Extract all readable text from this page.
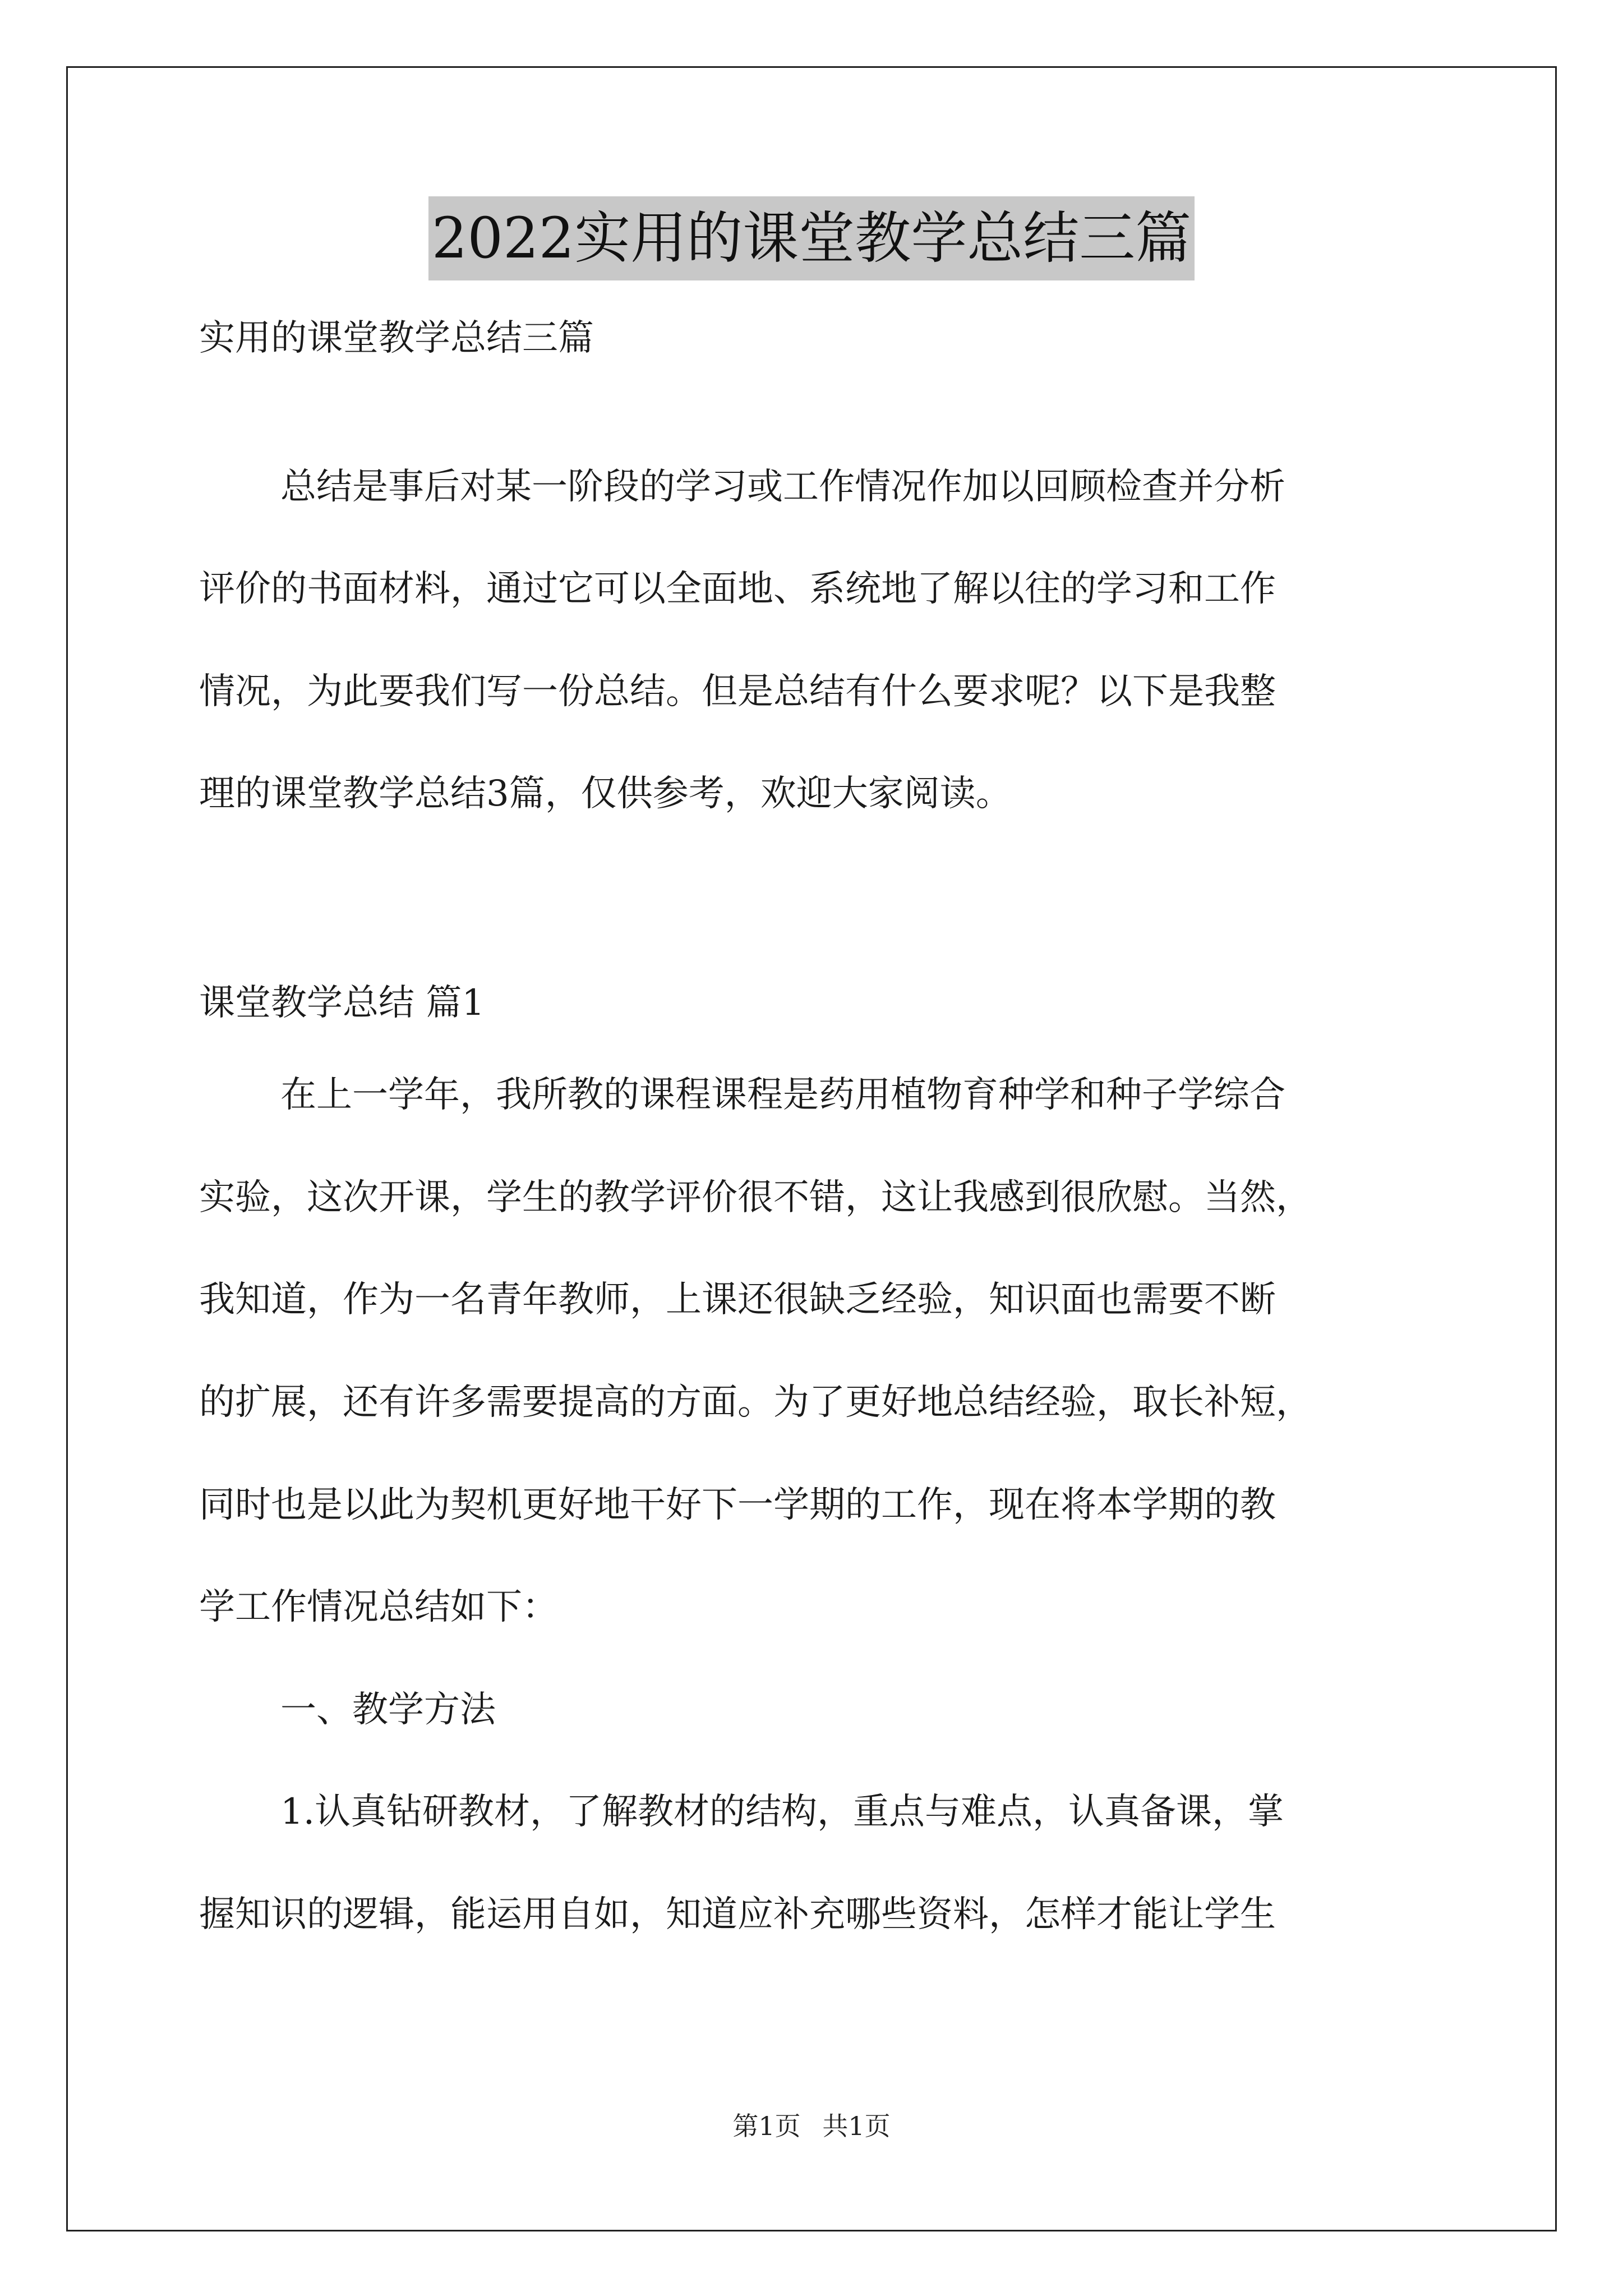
2022实用的课堂教学总结三篇
实用的课堂教学总结三篇
总结是事后对某一阶段的学习或工作情况作加以回顾检查并分析
评价的书面材料，通过它可以全面地、系统地了解以往的学习和工作
情况，为此要我们写一份总结。但是总结有什么要求呢？以下是我整
理的课堂教学总结3篇，仅供参考，欢迎大家阅读。
课堂教学总结 篇1
在上一学年，我所教的课程课程是药用植物育种学和种子学综合
实验，这次开课，学生的教学评价很不错，这让我感到很欣慰。当然，
我知道，作为一名青年教师，上课还很缺乏经验，知识面也需要不断
的扩展，还有许多需要提高的方面。为了更好地总结经验，取长补短，
同时也是以此为契机更好地干好下一学期的工作，现在将本学期的教
学工作情况总结如下：
一、教学方法
1.认真钻研教材，了解教材的结构，重点与难点，认真备课，掌
握知识的逻辑，能运用自如，知道应补充哪些资料，怎样才能让学生
第1页 共1页
